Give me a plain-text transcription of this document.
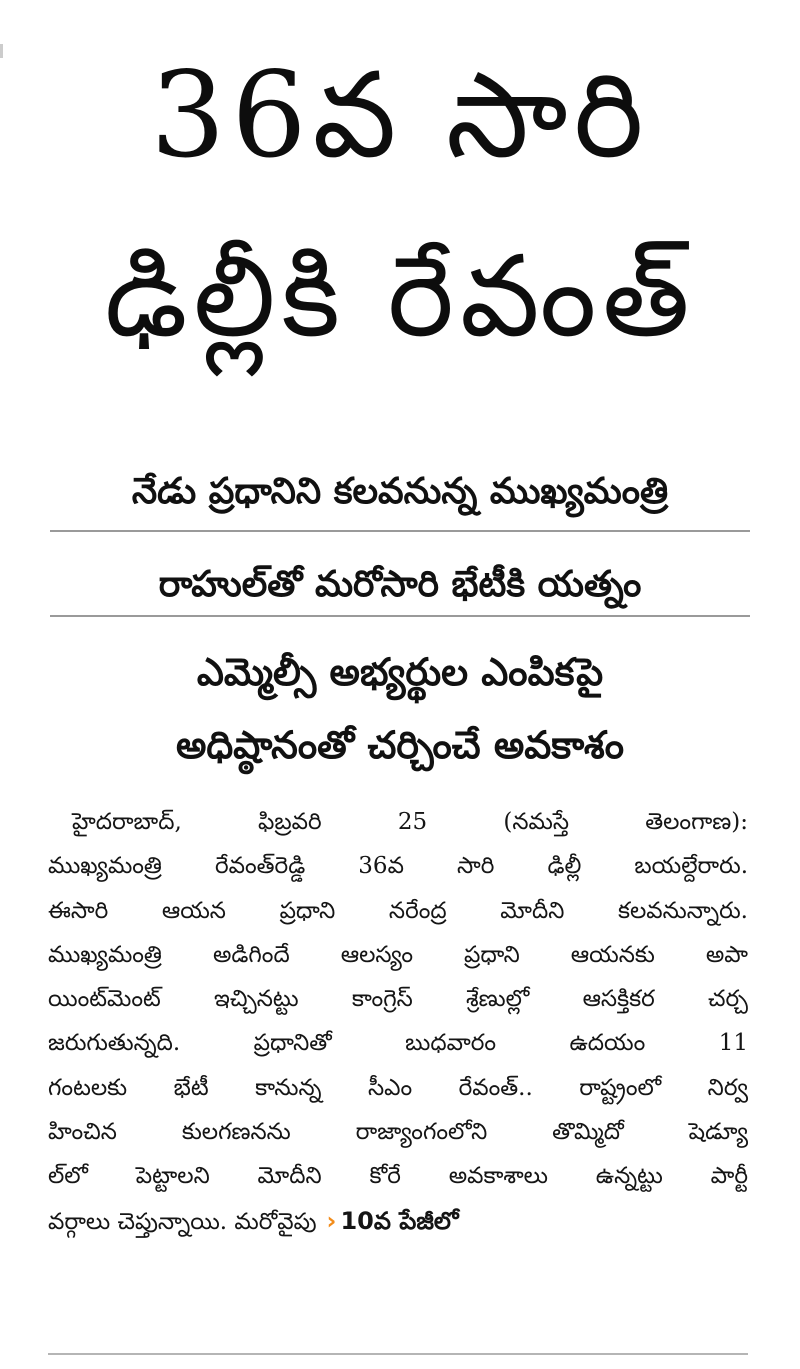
36వ సారి
ఢిల్లీకి రేవంత్
నేడు ప్రధానిని కలవనున్న ముఖ్యమంత్రి
రాహుల్‌తో మరోసారి భేటీకి యత్నం
ఎమ్మెల్సీ అభ్యర్థుల ఎంపికపై
అధిష్ఠానంతో చర్చించే అవకాశం
హైదరాబాద్, ఫిబ్రవరి 25 (నమస్తే తెలంగాణ):
ముఖ్యమంత్రి రేవంత్‌రెడ్డి 36వ సారి ఢిల్లీ బయల్దేరారు.
ఈసారి ఆయన ప్రధాని నరేంద్ర మోదీని కలవనున్నారు.
ముఖ్యమంత్రి అడిగిందే ఆలస్యం ప్రధాని ఆయనకు అపా
యింట్‌మెంట్ ఇచ్చినట్టు కాంగ్రెస్ శ్రేణుల్లో ఆసక్తికర చర్చ
జరుగుతున్నది. ప్రధానితో బుధవారం ఉదయం 11
గంటలకు భేటీ కానున్న సీఎం రేవంత్.. రాష్ట్రంలో నిర్వ
హించిన కులగణనను రాజ్యాంగంలోని తొమ్మిదో షెడ్యూ
ల్‌లో పెట్టాలని మోదీని కోరే అవకాశాలు ఉన్నట్టు పార్టీ
వర్గాలు చెప్తున్నాయి. మరోవైపు › 10వ పేజీలో
